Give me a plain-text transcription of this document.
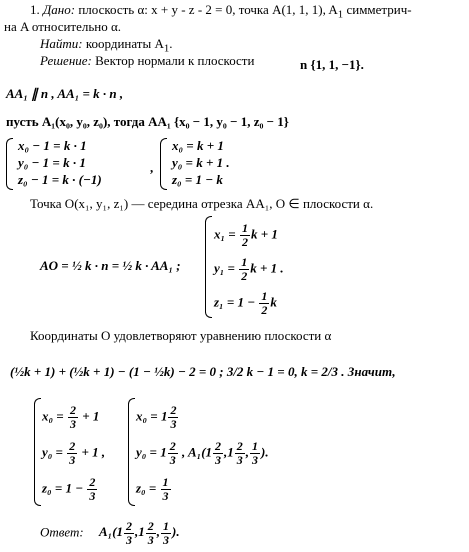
1. Дано: плоскость α: x + y - z - 2 = 0, точка A(1, 1, 1), $A_1$ симметрич-
на A относительно α.
Найти: координаты $A_1$.
Решение: Вектор нормали к плоскости	n {1, 1, −1}.
AA₁ ∥ n , AA₁ = k · n ,
пусть A₁(x₀, y₀, z₀), тогда AA₁ {x₀ − 1, y₀ − 1, z₀ − 1}
x₀ − 1 = k · 1
y₀ − 1 = k · 1
z₀ − 1 = k · (−1)
,
x₀ = k + 1
y₀ = k + 1 .
z₀ = 1 − k
Точка O(x₁, y₁, z₁) — середина отрезка AA₁, O ∈ плоскости α.
AO = ½ k · n = ½ k · AA₁ ;
$x_1 = \frac{1}{2}$ k + 1
$y_1 = \frac{1}{2}$ k + 1 .
$z_1 = 1 - \frac{1}{2}$ k
Координаты O удовлетворяют уравнению плоскости α
(½k + 1) + (½k + 1) − (1 − ½k) − 2 = 0 ; 3/2 k − 1 = 0, k = 2/3 . Значит,
$x_0 = \frac{2}{3} + 1$
$y_0 = \frac{2}{3} + 1$ ,
$z_0 = 1 - \frac{2}{3}$
$x_0 = 1 \frac{2}{3}$
$y_0 = 1 \frac{2}{3}$ , $A_1(1 \frac{2}{3} ,1 \frac{2}{3}$ , $\frac{1}{3}$ ).
$z_0 = \frac{1}{3}$
Ответ: $A_1(1 \frac{2}{3} ,1 \frac{2}{3}$ , $\frac{1}{3}$ ).
